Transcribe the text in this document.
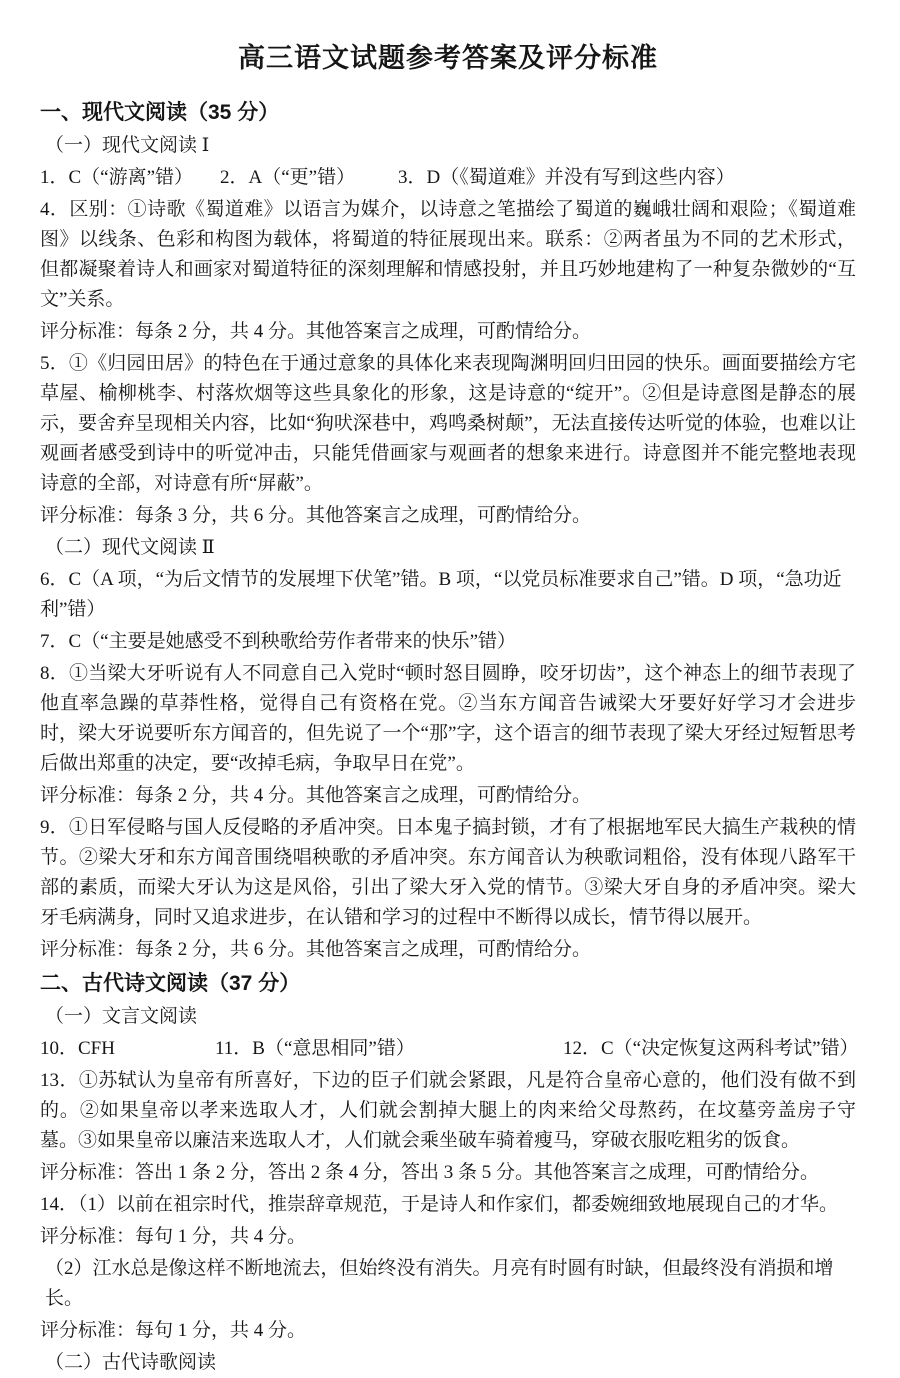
高三语文试题参考答案及评分标准
一、现代文阅读（35 分）

（一）现代文阅读 Ⅰ

1．C（“游离”错） 2．A（“更”错） 3．D（《蜀道难》并没有写到这些内容）

4．区别：①诗歌《蜀道难》以语言为媒介，以诗意之笔描绘了蜀道的巍峨壮阔和艰险；《蜀道难图》以线条、色彩和构图为载体，将蜀道的特征展现出来。联系：②两者虽为不同的艺术形式，但都凝聚着诗人和画家对蜀道特征的深刻理解和情感投射，并且巧妙地建构了一种复杂微妙的“互文”关系。

评分标准：每条 2 分，共 4 分。其他答案言之成理，可酌情给分。

5．①《归园田居》的特色在于通过意象的具体化来表现陶渊明回归田园的快乐。画面要描绘方宅草屋、榆柳桃李、村落炊烟等这些具象化的形象，这是诗意的“绽开”。②但是诗意图是静态的展示，要舍弃呈现相关内容，比如“狗吠深巷中，鸡鸣桑树颠”，无法直接传达听觉的体验，也难以让观画者感受到诗中的听觉冲击，只能凭借画家与观画者的想象来进行。诗意图并不能完整地表现诗意的全部，对诗意有所“屏蔽”。

评分标准：每条 3 分，共 6 分。其他答案言之成理，可酌情给分。

（二）现代文阅读 Ⅱ

6．C（A 项，“为后文情节的发展埋下伏笔”错。B 项，“以党员标准要求自己”错。D 项，“急功近利”错）

7．C（“主要是她感受不到秧歌给劳作者带来的快乐”错）

8．①当梁大牙听说有人不同意自己入党时“顿时怒目圆睁，咬牙切齿”，这个神态上的细节表现了他直率急躁的草莽性格，觉得自己有资格在党。②当东方闻音告诫梁大牙要好好学习才会进步时，梁大牙说要听东方闻音的，但先说了一个“那”字，这个语言的细节表现了梁大牙经过短暂思考后做出郑重的决定，要“改掉毛病，争取早日在党”。

评分标准：每条 2 分，共 4 分。其他答案言之成理，可酌情给分。

9．①日军侵略与国人反侵略的矛盾冲突。日本鬼子搞封锁，才有了根据地军民大搞生产栽秧的情节。②梁大牙和东方闻音围绕唱秧歌的矛盾冲突。东方闻音认为秧歌词粗俗，没有体现八路军干部的素质，而梁大牙认为这是风俗，引出了梁大牙入党的情节。③梁大牙自身的矛盾冲突。梁大牙毛病满身，同时又追求进步，在认错和学习的过程中不断得以成长，情节得以展开。

评分标准：每条 2 分，共 6 分。其他答案言之成理，可酌情给分。

二、古代诗文阅读（37 分）

（一）文言文阅读

10．CFH	11．B（“意思相同”错）	12．C（“决定恢复这两科考试”错）

13．①苏轼认为皇帝有所喜好，下边的臣子们就会紧跟，凡是符合皇帝心意的，他们没有做不到的。②如果皇帝以孝来选取人才，人们就会割掉大腿上的肉来给父母熬药，在坟墓旁盖房子守墓。③如果皇帝以廉洁来选取人才，人们就会乘坐破车骑着瘦马，穿破衣服吃粗劣的饭食。

评分标准：答出 1 条 2 分，答出 2 条 4 分，答出 3 条 5 分。其他答案言之成理，可酌情给分。

14．（1）以前在祖宗时代，推崇辞章规范，于是诗人和作家们，都委婉细致地展现自己的才华。

评分标准：每句 1 分，共 4 分。

（2）江水总是像这样不断地流去，但始终没有消失。月亮有时圆有时缺，但最终没有消损和增长。

评分标准：每句 1 分，共 4 分。

（二）古代诗歌阅读
